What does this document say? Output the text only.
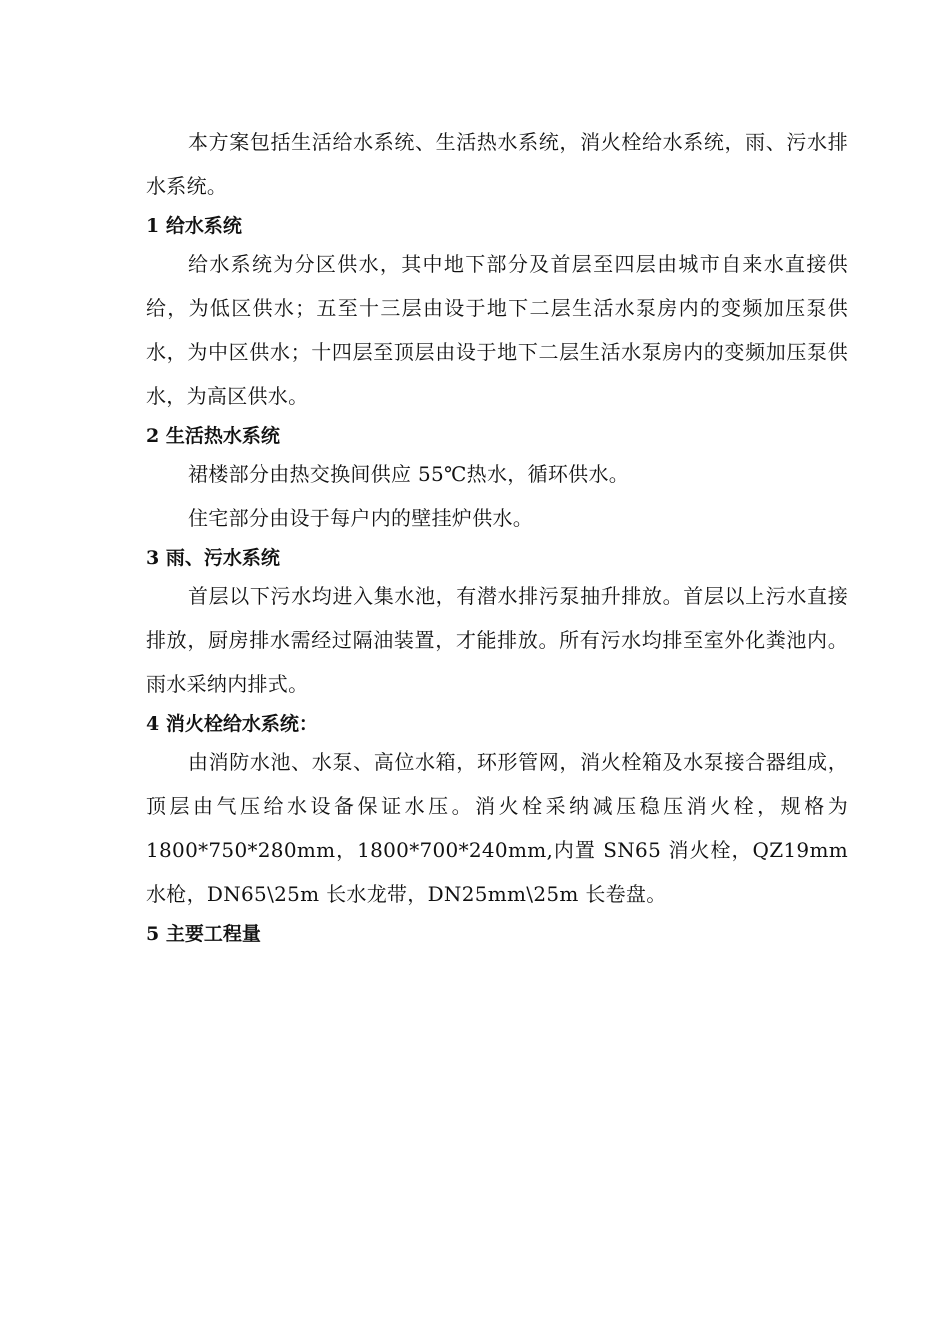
本方案包括生活给水系统、生活热水系统，消火栓给水系统，雨、污水排水系统。

1 给水系统

给水系统为分区供水，其中地下部分及首层至四层由城市自来水直接供给，为低区供水；五至十三层由设于地下二层生活水泵房内的变频加压泵供水，为中区供水；十四层至顶层由设于地下二层生活水泵房内的变频加压泵供水，为高区供水。

2 生活热水系统

裙楼部分由热交换间供应 55℃热水，循环供水。

住宅部分由设于每户内的壁挂炉供水。

3 雨、污水系统

首层以下污水均进入集水池，有潜水排污泵抽升排放。首层以上污水直接排放，厨房排水需经过隔油装置，才能排放。所有污水均排至室外化粪池内。雨水采纳内排式。

4 消火栓给水系统：

由消防水池、水泵、高位水箱，环形管网，消火栓箱及水泵接合器组成，顶层由气压给水设备保证水压。消火栓采纳减压稳压消火栓，规格为 1800*750*280mm，1800*700*240mm,内置 SN65 消火栓，QZ19mm 水枪，DN65\25m 长水龙带，DN25mm\25m 长卷盘。

5 主要工程量
